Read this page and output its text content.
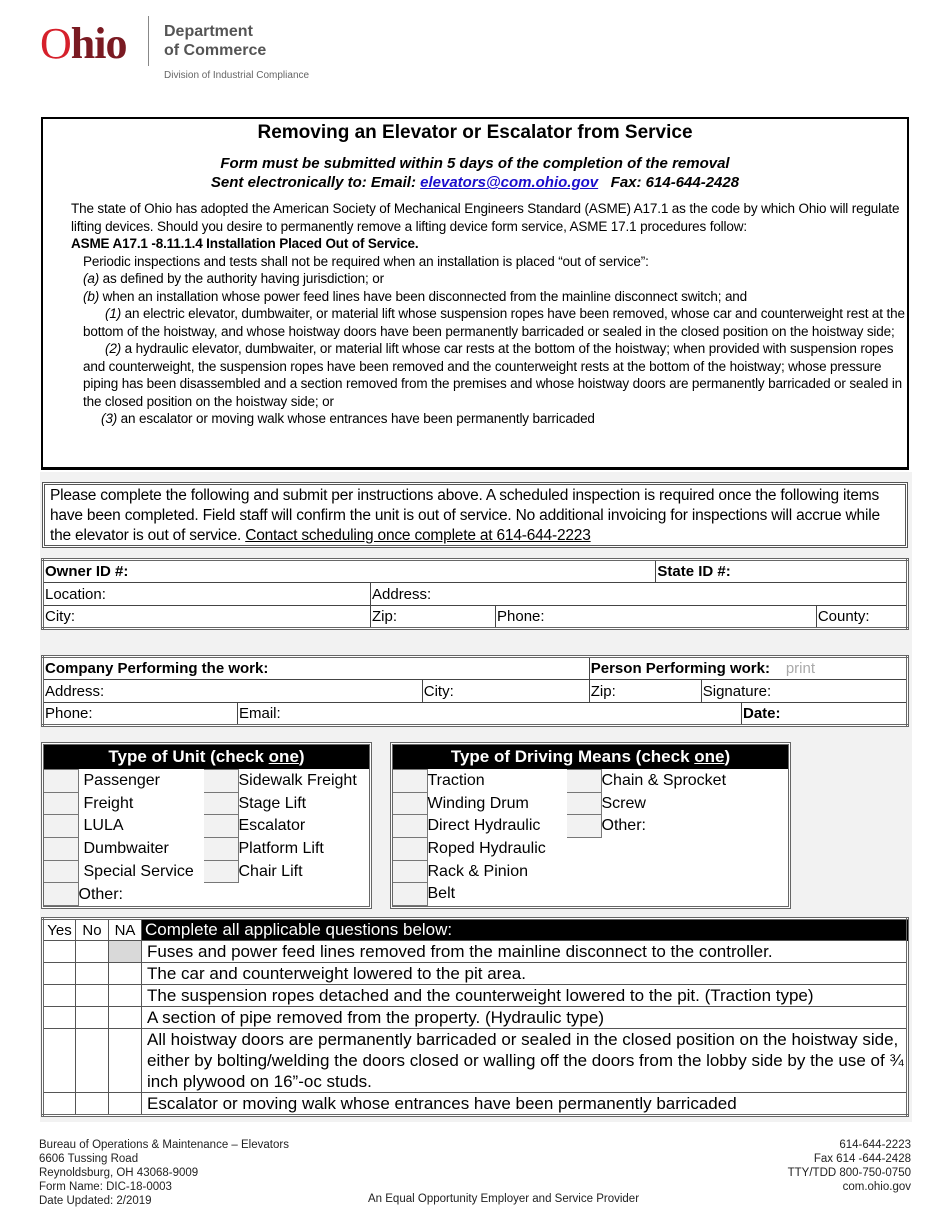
Ohio Department
of Commerce
Division of Industrial Compliance
Removing an Elevator or Escalator from Service
Form must be submitted within 5 days of the completion of the removal
Sent electronically to: Email: elevators@com.ohio.gov Fax: 614-644-2428

The state of Ohio has adopted the American Society of Mechanical Engineers Standard (ASME) A17.1 as the code by which Ohio will regulate lifting devices. Should you desire to permanently remove a lifting device form service, ASME 17.1 procedures follow:

ASME A17.1 -8.11.1.4 Installation Placed Out of Service.

Periodic inspections and tests shall not be required when an installation is placed “out of service”:

(a) as defined by the authority having jurisdiction; or

(b) when an installation whose power feed lines have been disconnected from the mainline disconnect switch; and

(1) an electric elevator, dumbwaiter, or material lift whose suspension ropes have been removed, whose car and counterweight rest at the bottom of the hoistway, and whose hoistway doors have been permanently barricaded or sealed in the closed position on the hoistway side;

(2) a hydraulic elevator, dumbwaiter, or material lift whose car rests at the bottom of the hoistway; when provided with suspension ropes and counterweight, the suspension ropes have been removed and the counterweight rests at the bottom of the hoistway; whose pressure piping has been disassembled and a section removed from the premises and whose hoistway doors are permanently barricaded or sealed in the closed position on the hoistway side; or

(3) an escalator or moving walk whose entrances have been permanently barricaded

Please complete the following and submit per instructions above. A scheduled inspection is required once the following items have been completed. Field staff will confirm the unit is out of service. No additional invoicing for inspections will accrue while the elevator is out of service. Contact scheduling once complete at 614-644-2223
Owner ID #:			State ID #:	
Location:	Address:			
City:	Zip:	Phone:		County:
Company Performing the work:			Person Performing work: print		

Address:		City:	Zip:	Signature:	
Phone:	Email:				Date:
Type of Unit (check one)
	Passenger		Sidewalk Freight
	Freight		Stage Lift
	LULA		Escalator
	Dumbwaiter		Platform Lift
	Special Service		Chair Lift
	Other:		
Type of Driving Means (check one)
	Traction		Chain & Sprocket
	Winding Drum		Screw
	Direct Hydraulic		Other:
	Roped Hydraulic		
	Rack & Pinion		
	Belt		
Yes	No	NA	Complete all applicable questions below:
			Fuses and power feed lines removed from the mainline disconnect to the controller.
			The car and counterweight lowered to the pit area.
			The suspension ropes detached and the counterweight lowered to the pit. (Traction type)
			A section of pipe removed from the property. (Hydraulic type)
			All hoistway doors are permanently barricaded or sealed in the closed position on the hoistway side, either by bolting/welding the doors closed or walling off the doors from the lobby side by the use of ¾ inch plywood on 16”-oc studs.
			Escalator or moving walk whose entrances have been permanently barricaded
Bureau of Operations & Maintenance – Elevators
6606 Tussing Road
Reynoldsburg, OH 43068-9009
Form Name: DIC-18-0003
Date Updated: 2/2019	An Equal Opportunity Employer and Service Provider
614-644-2223
Fax 614 -644-2428
TTY/TDD 800-750-0750
com.ohio.gov
